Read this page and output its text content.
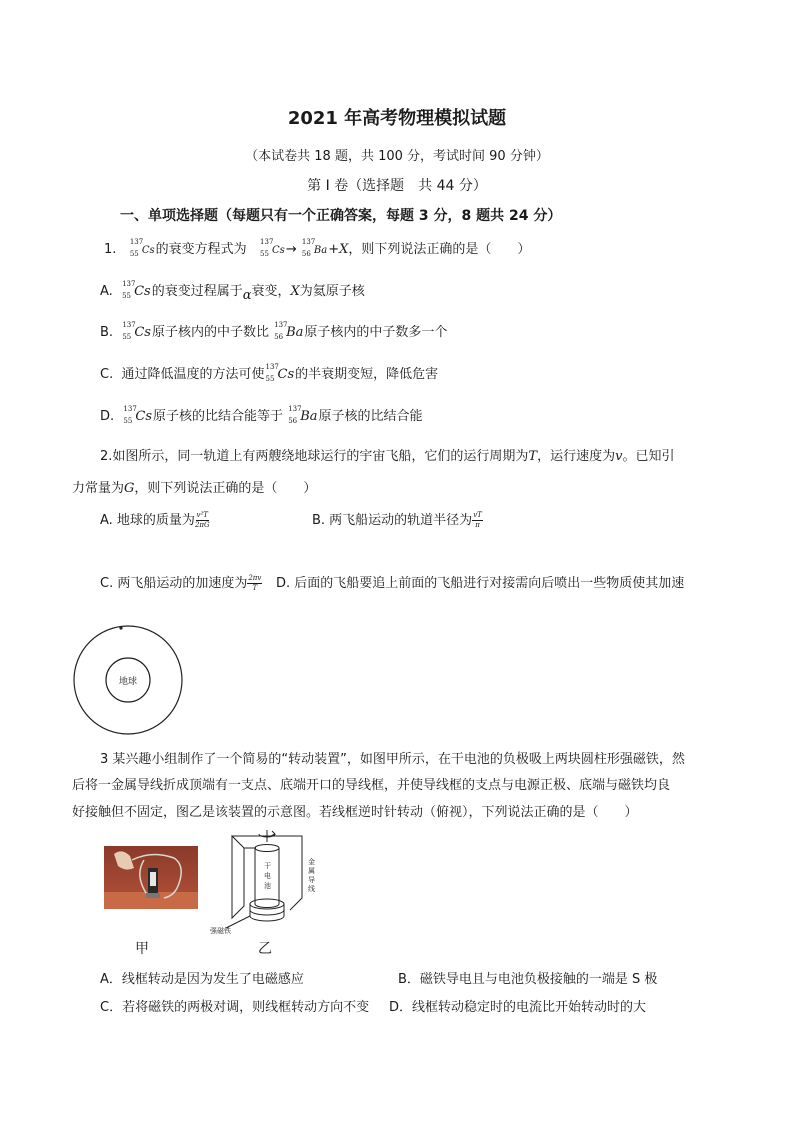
2021 年高考物理模拟试题
（本试卷共 18 题，共 100 分，考试时间 90 分钟）
第 I 卷（选择题　共 44 分）
一、单项选择题（每题只有一个正确答案，每题 3 分，8 题共 24 分）
1. 137
55 Cs的衰变方程式为 137
55 Cs→ 137
56 Ba+X，则下列说法正确的是（　　）
A. 137
55 Cs的衰变过程属于α衰变，X为氦原子核
B. 137
55 Cs原子核内的中子数比 137
56 Ba原子核内的中子数多一个
C. 通过降低温度的方法可使 137
55 Cs的半衰期变短，降低危害
D. 137
55 Cs原子核的比结合能等于 137
56 Ba原子核的比结合能
2.如图所示，同一轨道上有两艘绕地球运行的宇宙飞船，它们的运行周期为T，运行速度为v。已知引
力常量为G，则下列说法正确的是（　　）
A. 地球的质量为 $\frac{\text{v²T}}{2\pi G}$	B. 两飞船运动的轨道半径为 $\frac{vT}{\pi}$
C. 两飞船运动的加速度为 $\frac{2\pi v}{T} D$. 后面的飞船要追上前面的飞船进行对接需向后喷出一些物质使其加速
地球
3 某兴趣小组制作了一个简易的“转动装置”，如图甲所示，在干电池的负极吸上两块圆柱形强磁铁，然
后将一金属导线折成顶端有一支点、底端开口的导线框，并使导线框的支点与电源正极、底端与磁铁均良
好接触但不固定，图乙是该装置的示意图。若线框逆时针转动（俯视），下列说法正确的是（　　）
甲
干
电
池
金
属
导
线
强磁铁
乙
A．线框转动是因为发生了电磁感应	B．磁铁导电且与电池负极接触的一端是 S 极
C．若将磁铁的两极对调，则线框转动方向不变 D．线框转动稳定时的电流比开始转动时的大
